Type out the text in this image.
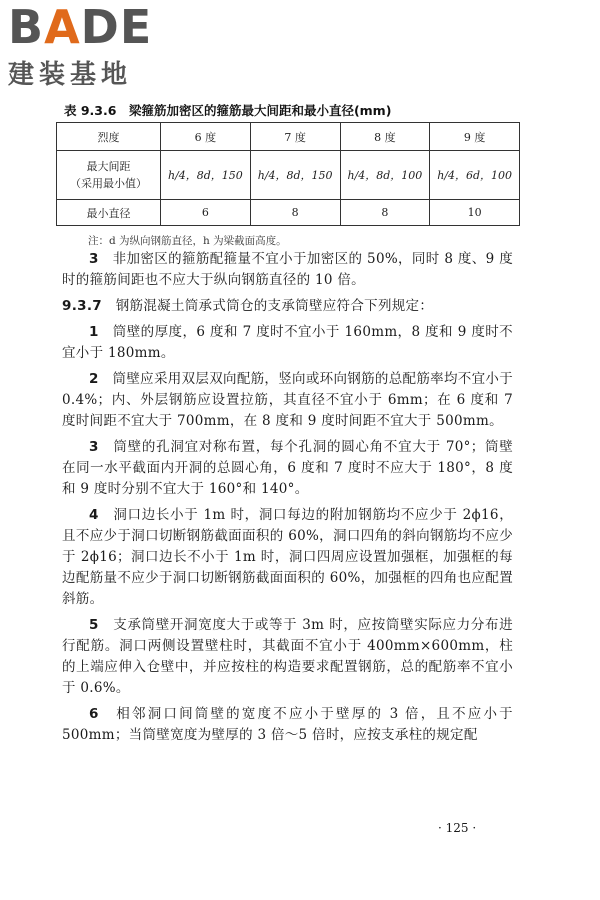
BADE
建装基地
表 9.3.6　梁箍筋加密区的箍筋最大间距和最小直径(mm)
烈度	6 度	7 度	8 度	9 度

最大间距
（采用最小值）	h/4，8d，150	h/4，8d，150	h/4，8d，100	h/4，6d，100
最小直径	6	8	8	10
注：d 为纵向钢筋直径，h 为梁截面高度。

3　 非加密区的箍筋配箍量不宜小于加密区的 50%，同时 8 度、9 度时的箍筋间距也不应大于纵向钢筋直径的 10 倍。

9.3.7　 钢筋混凝土筒承式筒仓的支承筒壁应符合下列规定：

1　 筒壁的厚度，6 度和 7 度时不宜小于 160mm，8 度和 9 度时不宜小于 180mm。

2　 筒壁应采用双层双向配筋，竖向或环向钢筋的总配筋率均不宜小于 0.4%；内、外层钢筋应设置拉筋，其直径不宜小于 6mm；在 6 度和 7 度时间距不宜大于 700mm，在 8 度和 9 度时间距不宜大于 500mm。

3　 筒壁的孔洞宜对称布置，每个孔洞的圆心角不宜大于 70°；筒壁在同一水平截面内开洞的总圆心角，6 度和 7 度时不应大于 180°，8 度和 9 度时分别不宜大于 160°和 140°。

4　 洞口边长小于 1m 时，洞口每边的附加钢筋均不应少于 2ϕ16，且不应少于洞口切断钢筋截面面积的 60%，洞口四角的斜向钢筋均不应少于 2ϕ16；洞口边长不小于 1m 时，洞口四周应设置加强框，加强框的每边配筋量不应少于洞口切断钢筋截面面积的 60%，加强框的四角也应配置斜筋。

5　 支承筒壁开洞宽度大于或等于 3m 时，应按筒壁实际应力分布进行配筋。洞口两侧设置壁柱时，其截面不宜小于 400mm×600mm，柱的上端应伸入仓壁中，并应按柱的构造要求配置钢筋，总的配筋率不宜小于 0.6%。

6　 相邻洞口间筒壁的宽度不应小于壁厚的 3 倍，且不应小于 500mm；当筒壁宽度为壁厚的 3 倍～5 倍时，应按支承柱的规定配

· 125 ·
